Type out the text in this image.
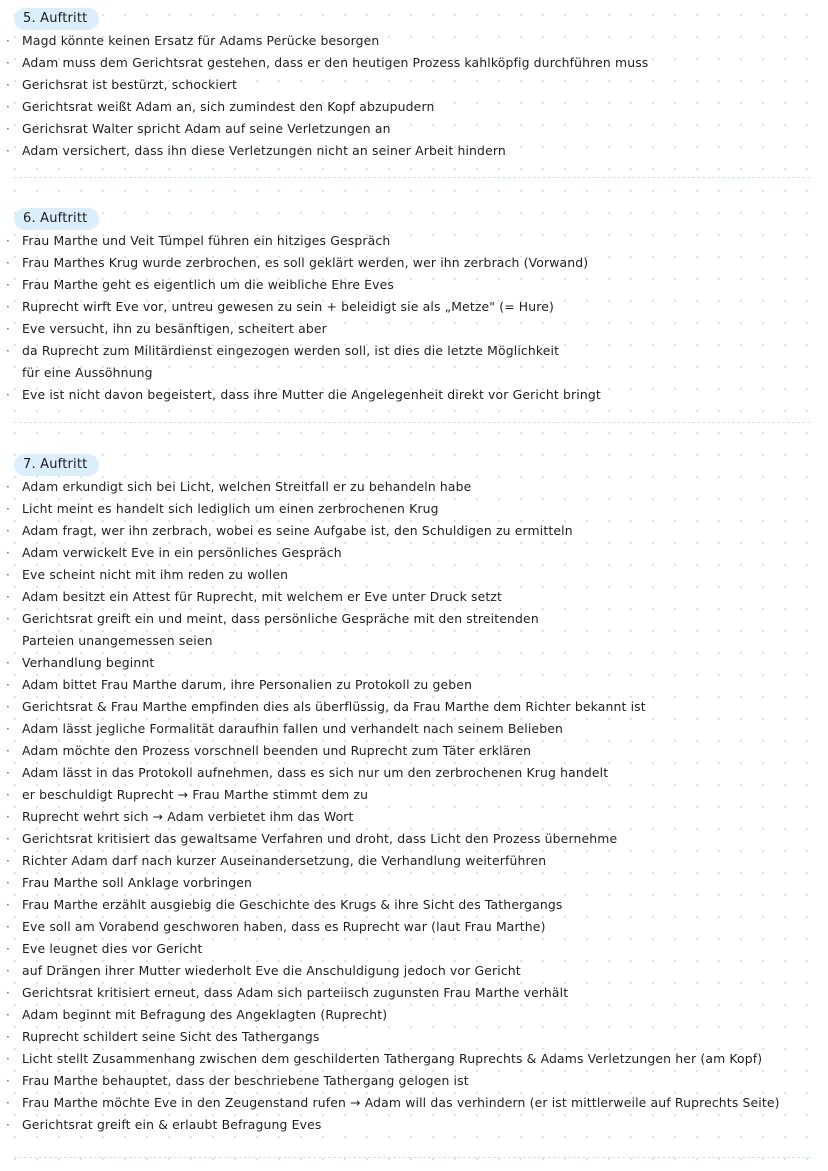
5. Auftritt
· Magd könnte keinen Ersatz für Adams Perücke besorgen
· Adam muss dem Gerichtsrat gestehen, dass er den heutigen Prozess kahlköpfig durchführen muss
· Gerichsrat ist bestürzt, schockiert
· Gerichtsrat weißt Adam an, sich zumindest den Kopf abzupudern
· Gerichsrat Walter spricht Adam auf seine Verletzungen an
· Adam versichert, dass ihn diese Verletzungen nicht an seiner Arbeit hindern
6. Auftritt
· Frau Marthe und Veit Tümpel führen ein hitziges Gespräch
· Frau Marthes Krug wurde zerbrochen, es soll geklärt werden, wer ihn zerbrach (Vorwand)
· Frau Marthe geht es eigentlich um die weibliche Ehre Eves
· Ruprecht wirft Eve vor, untreu gewesen zu sein + beleidigt sie als „Metze" (= Hure)
· Eve versucht, ihn zu besänftigen, scheitert aber
· da Ruprecht zum Militärdienst eingezogen werden soll, ist dies die letzte Möglichkeit
für eine Aussöhnung
· Eve ist nicht davon begeistert, dass ihre Mutter die Angelegenheit direkt vor Gericht bringt
7. Auftritt
· Adam erkundigt sich bei Licht, welchen Streitfall er zu behandeln habe
· Licht meint es handelt sich lediglich um einen zerbrochenen Krug
· Adam fragt, wer ihn zerbrach, wobei es seine Aufgabe ist, den Schuldigen zu ermitteln
· Adam verwickelt Eve in ein persönliches Gespräch
· Eve scheint nicht mit ihm reden zu wollen
· Adam besitzt ein Attest für Ruprecht, mit welchem er Eve unter Druck setzt
· Gerichtsrat greift ein und meint, dass persönliche Gespräche mit den streitenden
Parteien unangemessen seien
· Verhandlung beginnt
· Adam bittet Frau Marthe darum, ihre Personalien zu Protokoll zu geben
· Gerichtsrat & Frau Marthe empfinden dies als überflüssig, da Frau Marthe dem Richter bekannt ist
· Adam lässt jegliche Formalität daraufhin fallen und verhandelt nach seinem Belieben
· Adam möchte den Prozess vorschnell beenden und Ruprecht zum Täter erklären
· Adam lässt in das Protokoll aufnehmen, dass es sich nur um den zerbrochenen Krug handelt
· er beschuldigt Ruprecht → Frau Marthe stimmt dem zu
· Ruprecht wehrt sich → Adam verbietet ihm das Wort
· Gerichtsrat kritisiert das gewaltsame Verfahren und droht, dass Licht den Prozess übernehme
· Richter Adam darf nach kurzer Auseinandersetzung, die Verhandlung weiterführen
· Frau Marthe soll Anklage vorbringen
· Frau Marthe erzählt ausgiebig die Geschichte des Krugs & ihre Sicht des Tathergangs
· Eve soll am Vorabend geschworen haben, dass es Ruprecht war (laut Frau Marthe)
· Eve leugnet dies vor Gericht
· auf Drängen ihrer Mutter wiederholt Eve die Anschuldigung jedoch vor Gericht
· Gerichtsrat kritisiert erneut, dass Adam sich parteiisch zugunsten Frau Marthe verhält
· Adam beginnt mit Befragung des Angeklagten (Ruprecht)
· Ruprecht schildert seine Sicht des Tathergangs
· Licht stellt Zusammenhang zwischen dem geschilderten Tathergang Ruprechts & Adams Verletzungen her (am Kopf)
· Frau Marthe behauptet, dass der beschriebene Tathergang gelogen ist
· Frau Marthe möchte Eve in den Zeugenstand rufen → Adam will das verhindern (er ist mittlerweile auf Ruprechts Seite)
· Gerichtsrat greift ein & erlaubt Befragung Eves
